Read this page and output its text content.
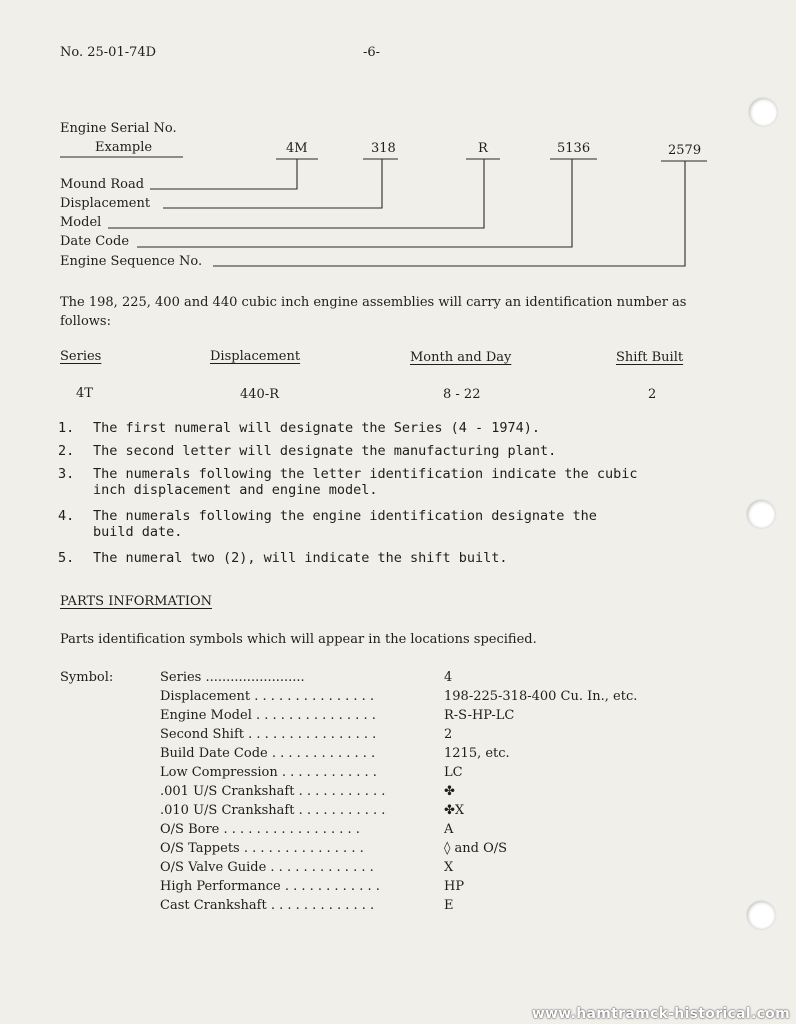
No. 25-01-74D	-6-
Engine Serial No.
Example	4M	318	R	5136	2579
Mound Road
Displacement
Model
Date Code
Engine Sequence No.
The 198, 225, 400 and 440 cubic inch engine assemblies will carry an identification number as follows:
Series	Displacement	Month and Day	Shift Built
4T	440-R	8 - 22	2
1.	The first numeral will designate the Series (4 - 1974).
2.	The second letter will designate the manufacturing plant.
3.	The numerals following the letter identification indicate the cubic
inch displacement and engine model.
4.	The numerals following the engine identification designate the
build date.
5.	The numeral two (2), will indicate the shift built.
PARTS INFORMATION
Parts identification symbols which will appear in the locations specified.
Symbol:	Series ........................	4
Displacement . . . . . . . . . . . . . . .	198-225-318-400 Cu. In., etc.
Engine Model . . . . . . . . . . . . . . .	R-S-HP-LC
Second Shift . . . . . . . . . . . . . . . .	2
Build Date Code . . . . . . . . . . . . .	1215, etc.
Low Compression . . . . . . . . . . . .	LC
.001 U/S Crankshaft . . . . . . . . . . .	✤
.010 U/S Crankshaft . . . . . . . . . . .	✤X
O/S Bore . . . . . . . . . . . . . . . . .	A
O/S Tappets . . . . . . . . . . . . . . .	◊ and O/S
O/S Valve Guide . . . . . . . . . . . . .	X
High Performance . . . . . . . . . . . .	HP
Cast Crankshaft . . . . . . . . . . . . .	E
www.hamtramck-historical.com
